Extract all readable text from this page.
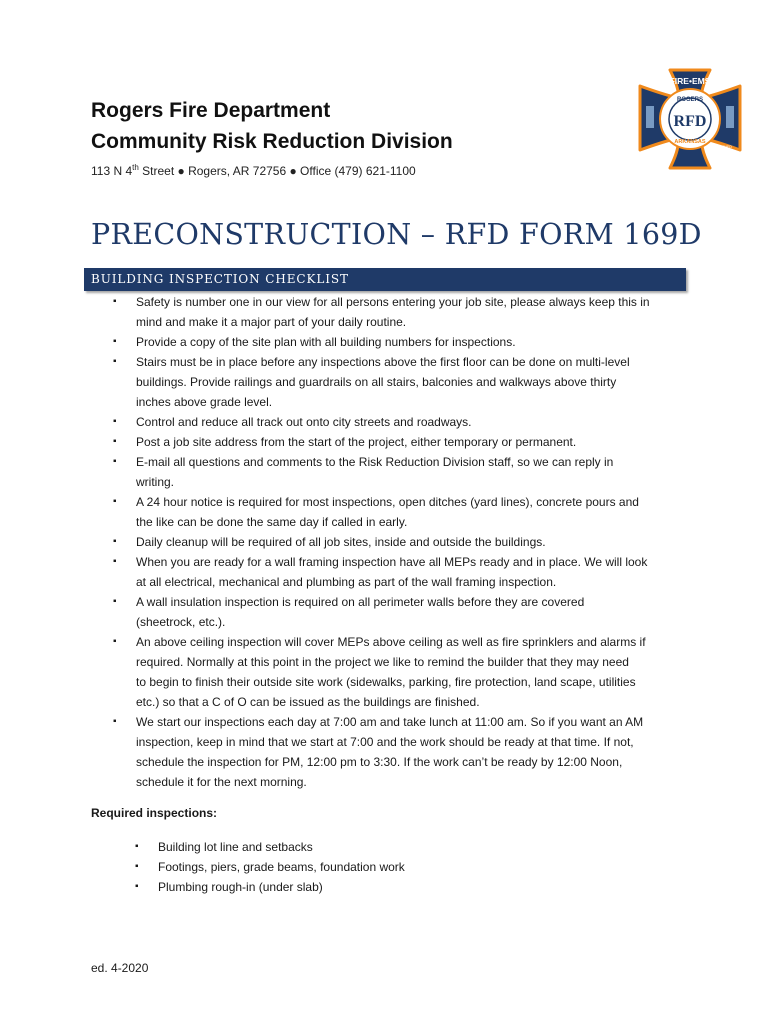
Rogers Fire Department
Community Risk Reduction Division
113 N 4th Street ● Rogers, AR 72756 ● Office (479) 621-1100
FIRE•EMS
ROGERS
RFD
ARKANSAS
ESTABLISHED
1888
PRECONSTRUCTION – RFD FORM 169D
BUILDING INSPECTION CHECKLIST
▪ Safety is number one in our view for all persons entering your job site, please always keep this in
mind and make it a major part of your daily routine.
▪ Provide a copy of the site plan with all building numbers for inspections.
▪ Stairs must be in place before any inspections above the first floor can be done on multi-level
buildings. Provide railings and guardrails on all stairs, balconies and walkways above thirty
inches above grade level.
▪ Control and reduce all track out onto city streets and roadways.
▪ Post a job site address from the start of the project, either temporary or permanent.
▪ E-mail all questions and comments to the Risk Reduction Division staff, so we can reply in
writing.
▪ A 24 hour notice is required for most inspections, open ditches (yard lines), concrete pours and
the like can be done the same day if called in early.
▪ Daily cleanup will be required of all job sites, inside and outside the buildings.
▪ When you are ready for a wall framing inspection have all MEPs ready and in place. We will look
at all electrical, mechanical and plumbing as part of the wall framing inspection.
▪ A wall insulation inspection is required on all perimeter walls before they are covered
(sheetrock, etc.).
▪ An above ceiling inspection will cover MEPs above ceiling as well as fire sprinklers and alarms if
required. Normally at this point in the project we like to remind the builder that they may need
to begin to finish their outside site work (sidewalks, parking, fire protection, land scape, utilities
etc.) so that a C of O can be issued as the buildings are finished.
▪ We start our inspections each day at 7:00 am and take lunch at 11:00 am. So if you want an AM
inspection, keep in mind that we start at 7:00 and the work should be ready at that time. If not,
schedule the inspection for PM, 12:00 pm to 3:30. If the work can’t be ready by 12:00 Noon,
schedule it for the next morning.
Required inspections:
▪ Building lot line and setbacks
▪ Footings, piers, grade beams, foundation work
▪ Plumbing rough-in (under slab)
ed. 4-2020
